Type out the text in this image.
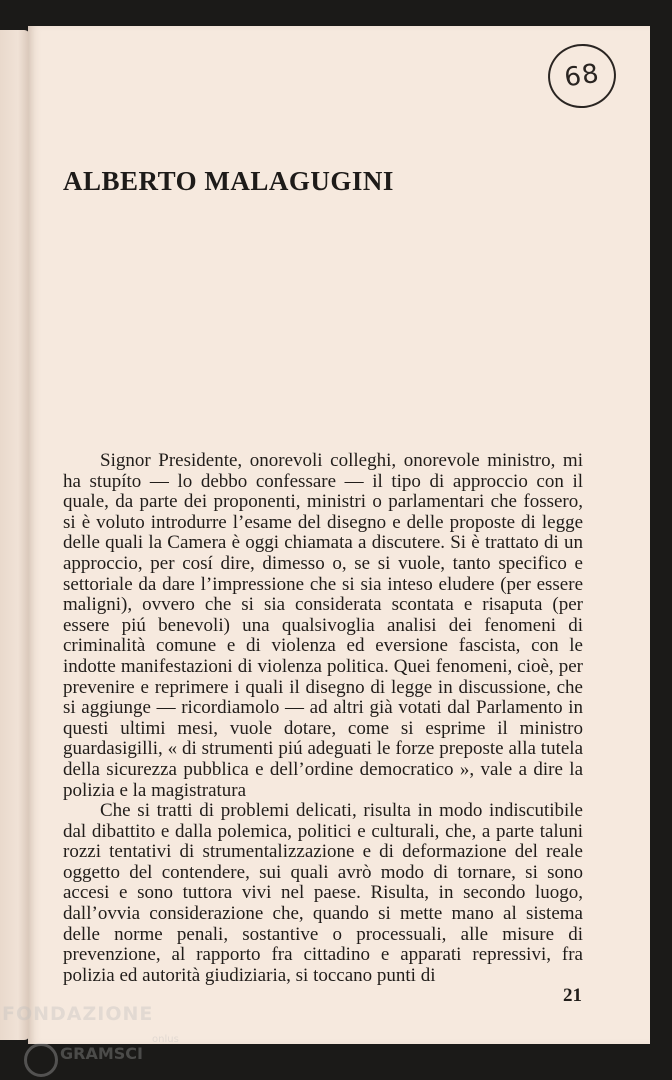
68
ALBERTO MALAGUGINI

Signor Presidente, onorevoli colleghi, onorevole ministro, mi ha stupíto — lo debbo confessare — il tipo di approccio con il quale, da parte dei proponenti, ministri o parlamentari che fossero, si è voluto introdurre l’esame del disegno e delle proposte di legge delle quali la Camera è oggi chiamata a discutere. Si è trattato di un approccio, per cosí dire, dimesso o, se si vuole, tanto specifico e settoriale da dare l’impressione che si sia inteso eludere (per essere maligni), ovvero che si sia considerata scontata e risaputa (per essere piú benevoli) una qualsivoglia analisi dei fenomeni di criminalità comune e di violenza ed eversione fascista, con le indotte manifestazioni di violenza politica. Quei fenomeni, cioè, per prevenire e reprimere i quali il disegno di legge in discussione, che si aggiunge — ricordiamolo — ad altri già votati dal Parlamento in questi ultimi mesi, vuole dotare, come si esprime il ministro guardasigilli, « di strumenti piú adeguati le forze preposte alla tutela della sicurezza pubblica e dell’ordine democratico », vale a dire la polizia e la magistratura

Che si tratti di problemi delicati, risulta in modo indiscutibile dal dibattito e dalla polemica, politici e culturali, che, a parte taluni rozzi tentativi di strumentalizzazione e di deformazione del reale oggetto del contendere, sui quali avrò modo di tornare, si sono accesi e sono tuttora vivi nel paese. Risulta, in secondo luogo, dall’ovvia considerazione che, quando si mette mano al sistema delle norme penali, sostantive o processuali, alle misure di prevenzione, al rapporto fra cittadino e apparati repressivi, fra polizia ed autorità giudiziaria, si toccano punti di

21
FONDAZIONE
GRAMSCI
onlus
